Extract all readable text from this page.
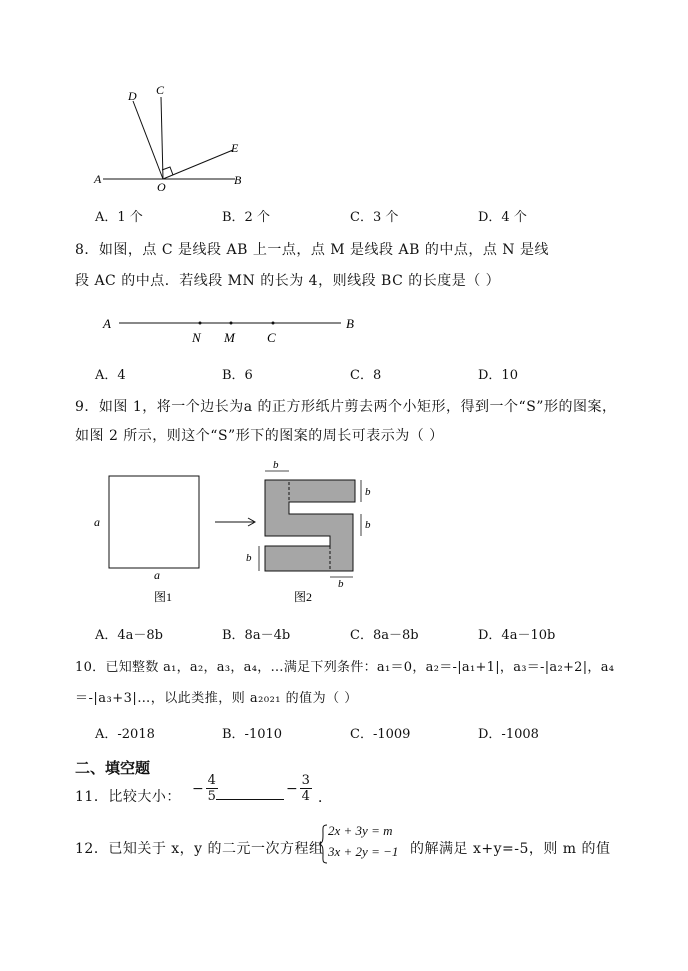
A	B
C
D
E
O
A．1 个	B．2 个	C．3 个	D．4 个
8．如图，点 C 是线段 AB 上一点，点 M 是线段 AB 的中点，点 N 是线
段 AC 的中点．若线段 MN 的长为 4，则线段 BC 的长度是（ ）
A	B
N M C
A．4	B．6	C．8	D．10
9．如图 1，将一个边长为a 的正方形纸片剪去两个小矩形，得到一个“S”形的图案，
如图 2 所示，则这个“S”形下的图案的周长可表示为（ ）
a
a
图1
b
b
b
b
b
图2
A．4a－8b	B．8a－4b	C．8a－8b	D．4a－10b
10．已知整数 a₁，a₂，a₃，a₄，…满足下列条件：a₁＝0，a₂＝-|a₁+1|，a₃＝-|a₂+2|，a₄
＝-|a₃+3|…，以此类推，则 a₂₀₂₁ 的值为（ ）
A．-2018	B．-1010	C．-1009	D．-1008
二、填空题
11．比较大小：
− $\frac{4}{5}$	− $\frac{3}{4}$ ．
12．已知关于 x，y 的二元一次方程组
2x + 3y = m
3x + 2y = −1 的解满足 x+y=-5，则 m 的值
